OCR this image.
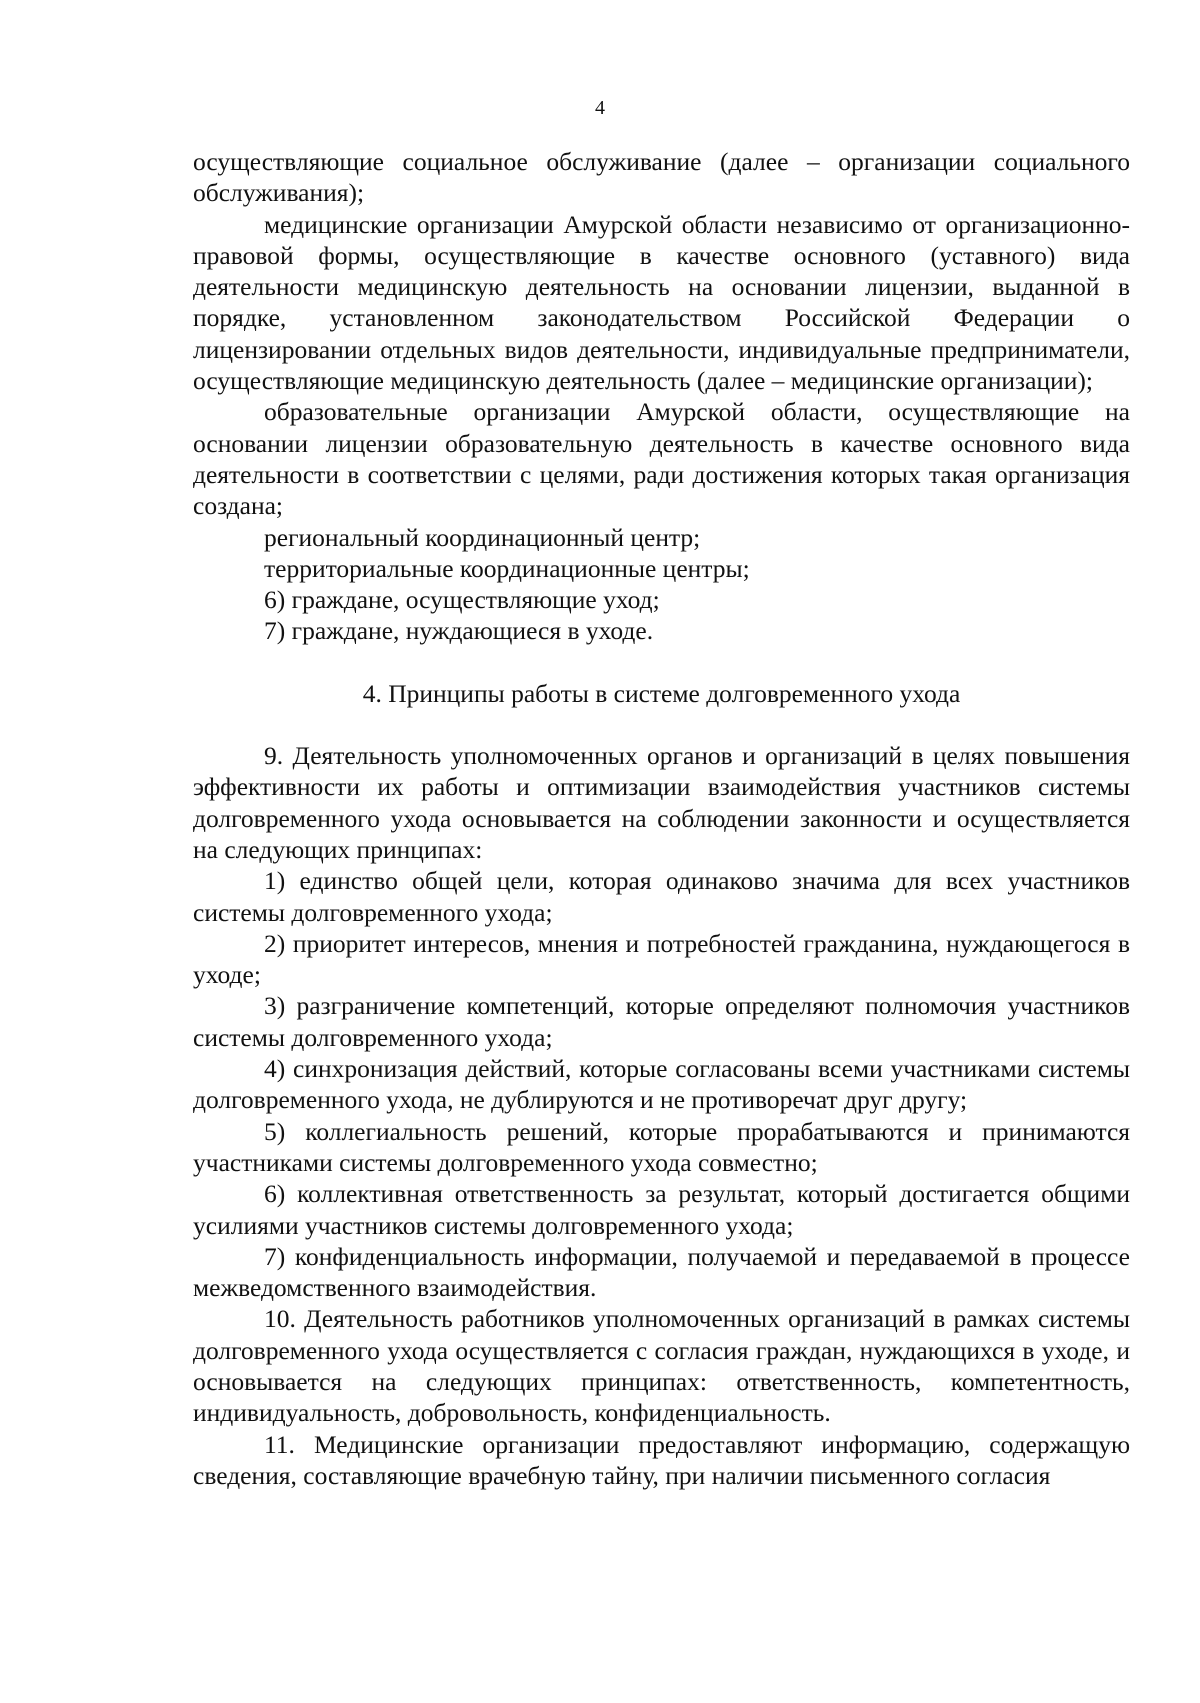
4

осуществляющие социальное обслуживание (далее – организации социального обслуживания);

медицинские организации Амурской области независимо от организационно-правовой формы, осуществляющие в качестве основного (уставного) вида деятельности медицинскую деятельность на основании лицензии, выданной в порядке, установленном законодательством Российской Федерации о лицензировании отдельных видов деятельности, индивидуальные предприниматели, осуществляющие медицинскую деятельность (далее – медицинские организации);

образовательные организации Амурской области, осуществляющие на основании лицензии образовательную деятельность в качестве основного вида деятельности в соответствии с целями, ради достижения которых такая организация создана;

региональный координационный центр;

территориальные координационные центры;

6) граждане, осуществляющие уход;

7) граждане, нуждающиеся в уходе.

4. Принципы работы в системе долговременного ухода

9. Деятельность уполномоченных органов и организаций в целях повышения эффективности их работы и оптимизации взаимодействия участников системы долговременного ухода основывается на соблюдении законности и осуществляется на следующих принципах:

1) единство общей цели, которая одинаково значима для всех участников системы долговременного ухода;

2) приоритет интересов, мнения и потребностей гражданина, нуждающегося в уходе;

3) разграничение компетенций, которые определяют полномочия участников системы долговременного ухода;

4) синхронизация действий, которые согласованы всеми участниками системы долговременного ухода, не дублируются и не противоречат друг другу;

5) коллегиальность решений, которые прорабатываются и принимаются участниками системы долговременного ухода совместно;

6) коллективная ответственность за результат, который достигается общими усилиями участников системы долговременного ухода;

7) конфиденциальность информации, получаемой и передаваемой в процессе межведомственного взаимодействия.

10. Деятельность работников уполномоченных организаций в рамках системы долговременного ухода осуществляется с согласия граждан, нуждающихся в уходе, и основывается на следующих принципах: ответственность, компетентность, индивидуальность, добровольность, конфиденциальность.

11. Медицинские организации предоставляют информацию, содержащую сведения, составляющие врачебную тайну, при наличии письменного согласия
